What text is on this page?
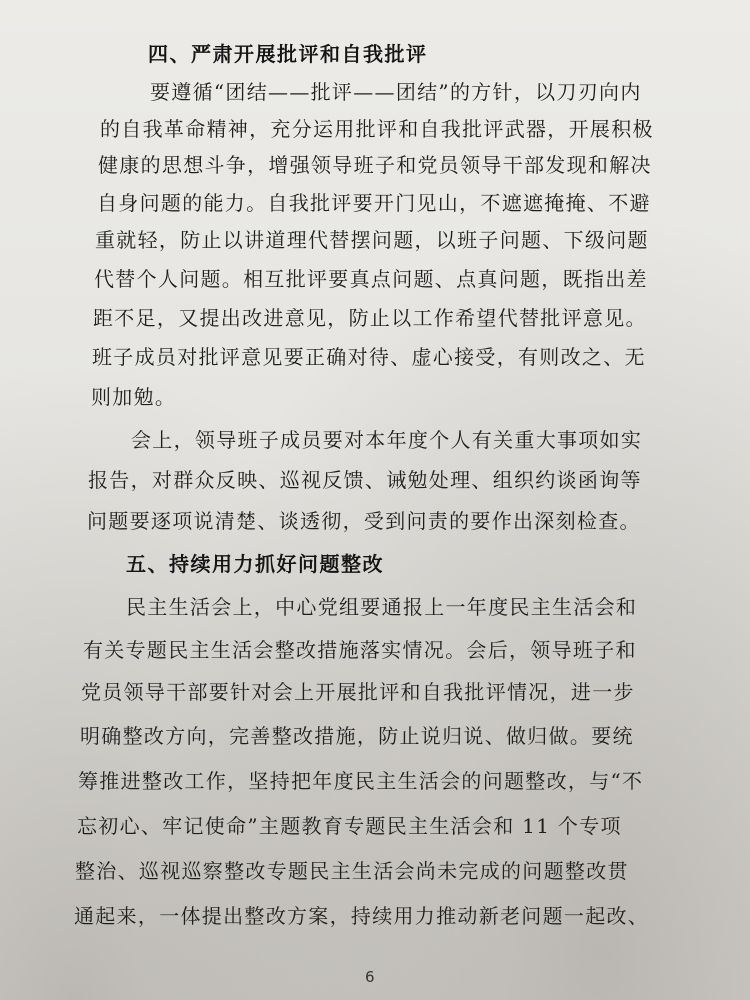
四、严肃开展批评和自我批评
要遵循“团结——批评——团结”的方针，以刀刃向内
的自我革命精神，充分运用批评和自我批评武器，开展积极
健康的思想斗争，增强领导班子和党员领导干部发现和解决
自身问题的能力。自我批评要开门见山，不遮遮掩掩、不避
重就轻，防止以讲道理代替摆问题，以班子问题、下级问题
代替个人问题。相互批评要真点问题、点真问题，既指出差
距不足，又提出改进意见，防止以工作希望代替批评意见。
班子成员对批评意见要正确对待、虚心接受，有则改之、无
则加勉。
会上，领导班子成员要对本年度个人有关重大事项如实
报告，对群众反映、巡视反馈、诫勉处理、组织约谈函询等
问题要逐项说清楚、谈透彻，受到问责的要作出深刻检查。
五、持续用力抓好问题整改
民主生活会上，中心党组要通报上一年度民主生活会和
有关专题民主生活会整改措施落实情况。会后，领导班子和
党员领导干部要针对会上开展批评和自我批评情况，进一步
明确整改方向，完善整改措施，防止说归说、做归做。要统
筹推进整改工作，坚持把年度民主生活会的问题整改，与“不
忘初心、牢记使命”主题教育专题民主生活会和 11 个专项
整治、巡视巡察整改专题民主生活会尚未完成的问题整改贯
通起来，一体提出整改方案，持续用力推动新老问题一起改、
6
